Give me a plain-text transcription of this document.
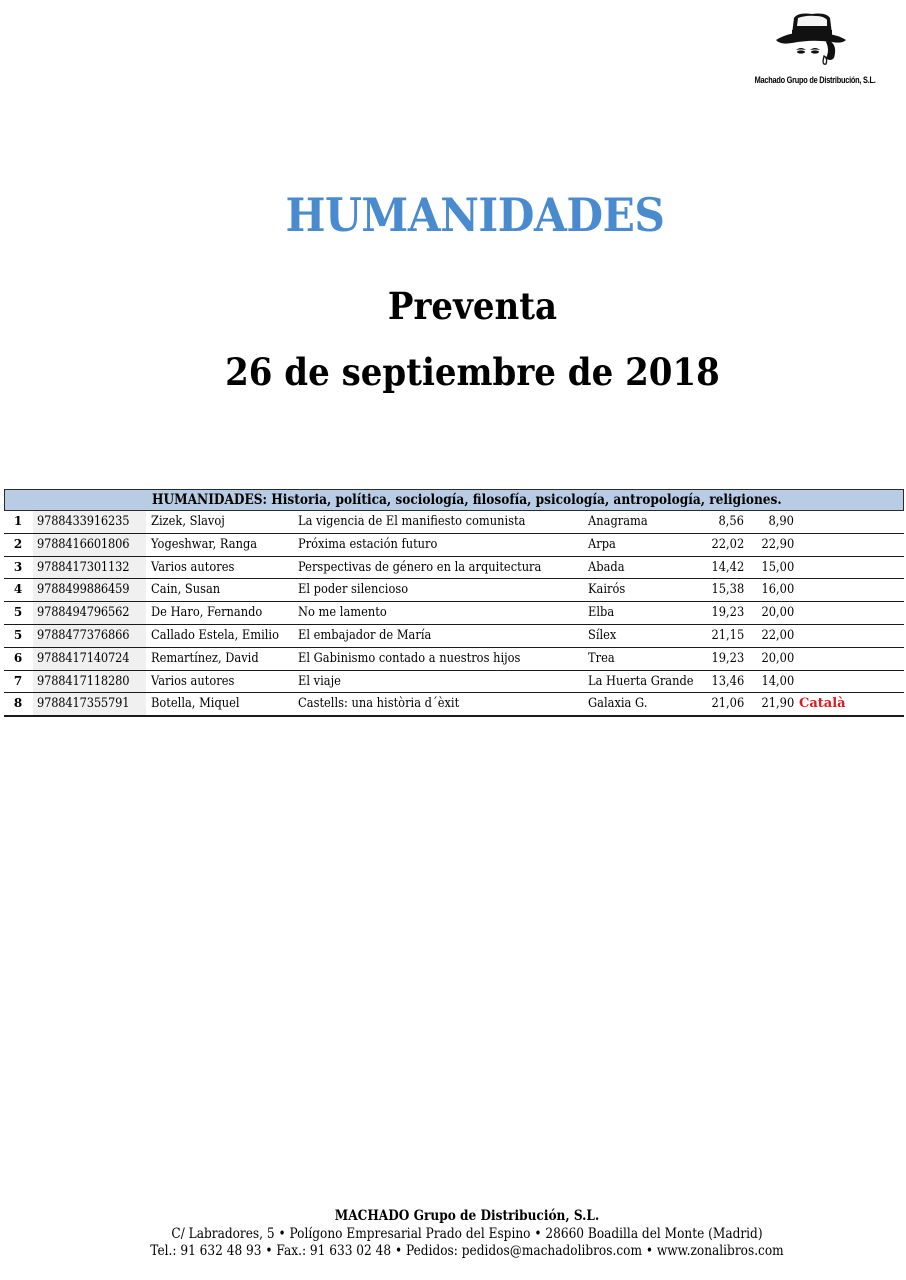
Machado Grupo de Distribución, S.L.
HUMANIDADES
Preventa
26 de septiembre de 2018
HUMANIDADES: Historia, política, sociología, filosofía, psicología, antropología, religiones.
1	9788433916235	Zizek, Slavoj	La vigencia de El manifiesto comunista	Anagrama	8,56	8,90
2	9788416601806	Yogeshwar, Ranga	Próxima estación futuro	Arpa	22,02	22,90
3	9788417301132	Varios autores	Perspectivas de género en la arquitectura	Abada	14,42	15,00
4	9788499886459	Cain, Susan	El poder silencioso	Kairós	15,38	16,00
5	9788494796562	De Haro, Fernando	No me lamento	Elba	19,23	20,00
5	9788477376866	Callado Estela, Emilio	El embajador de María	Sílex	21,15	22,00
6	9788417140724	Remartínez, David	El Gabinismo contado a nuestros hijos	Trea	19,23	20,00
7	9788417118280	Varios autores	El viaje	La Huerta Grande	13,46	14,00
8	9788417355791	Botella, Miquel	Castells: una història d´èxit	Galaxia G.	21,06	21,90 Català
MACHADO Grupo de Distribución, S.L.
C/ Labradores, 5 • Polígono Empresarial Prado del Espino • 28660 Boadilla del Monte (Madrid)
Tel.: 91 632 48 93 • Fax.: 91 633 02 48 • Pedidos: pedidos@machadolibros.com • www.zonalibros.com
